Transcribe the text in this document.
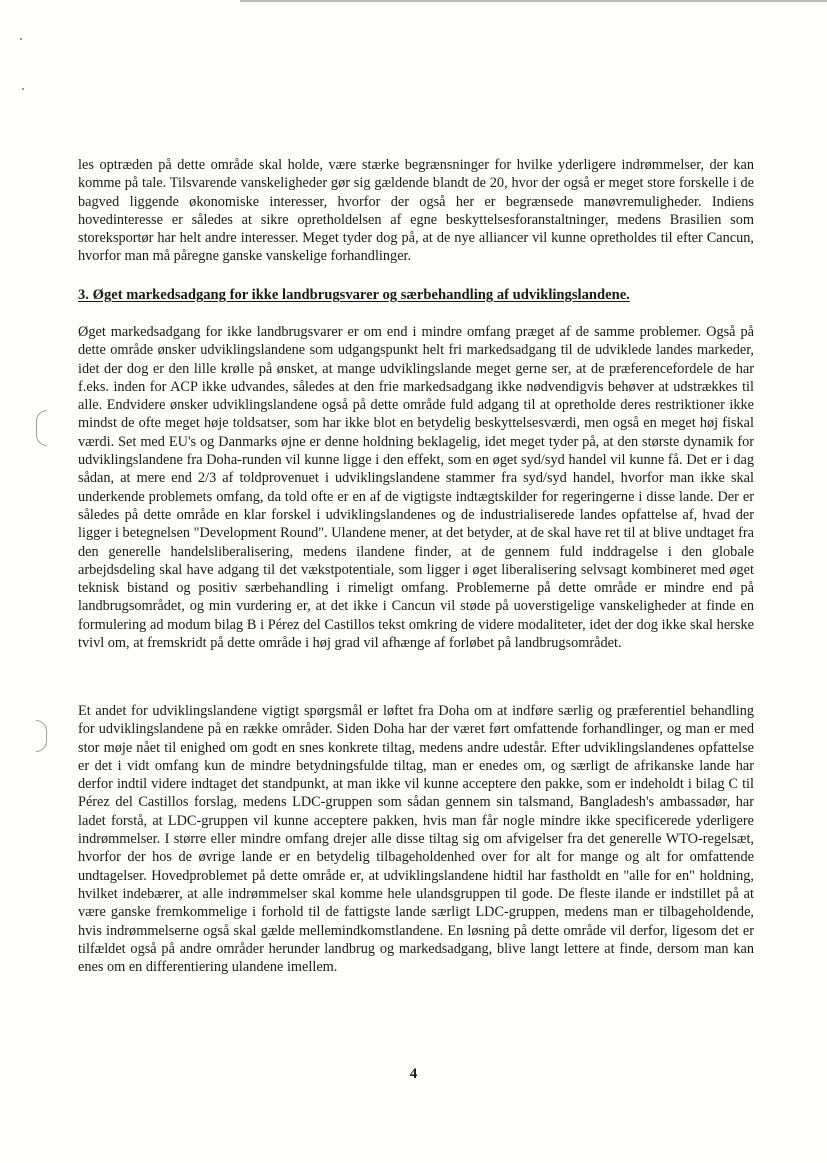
les optræden på dette område skal holde, være stærke begrænsninger for hvilke yderligere indrømmelser, der kan komme på tale. Tilsvarende vanskeligheder gør sig gældende blandt de 20, hvor der også er meget store forskelle i de bagved liggende økonomiske interesser, hvorfor der også her er begrænsede manøvremuligheder. Indiens hovedinteresse er således at sikre opretholdelsen af egne beskyttelsesforanstaltninger, medens Brasilien som storeksportør har helt andre interesser. Meget tyder dog på, at de nye alliancer vil kunne opretholdes til efter Cancun, hvorfor man må påregne ganske vanskelige forhandlinger.

3. Øget markedsadgang for ikke landbrugsvarer og særbehandling af udviklingslandene.

Øget markedsadgang for ikke landbrugsvarer er om end i mindre omfang præget af de samme problemer. Også på dette område ønsker udviklingslandene som udgangspunkt helt fri markedsadgang til de udviklede landes markeder, idet der dog er den lille krølle på ønsket, at mange udviklingslande meget gerne ser, at de præferencefordele de har f.eks. inden for ACP ikke udvandes, således at den frie markedsadgang ikke nødvendigvis behøver at udstrækkes til alle. Endvidere ønsker udviklingslandene også på dette område fuld adgang til at opretholde deres restriktioner ikke mindst de ofte meget høje toldsatser, som har ikke blot en betydelig beskyttelsesværdi, men også en meget høj fiskal værdi. Set med EU's og Danmarks øjne er denne holdning beklagelig, idet meget tyder på, at den største dynamik for udviklingslandene fra Doha-runden vil kunne ligge i den effekt, som en øget syd/syd handel vil kunne få. Det er i dag sådan, at mere end 2/3 af toldprovenuet i udviklingslandene stammer fra syd/syd handel, hvorfor man ikke skal underkende problemets omfang, da told ofte er en af de vigtigste indtægtskilder for regeringerne i disse lande. Der er således på dette område en klar forskel i udviklingslandenes og de industrialiserede landes opfattelse af, hvad der ligger i betegnelsen "Development Round". Ulandene mener, at det betyder, at de skal have ret til at blive undtaget fra den generelle handelsliberalisering, medens ilandene finder, at de gennem fuld inddragelse i den globale arbejdsdeling skal have adgang til det vækstpotentiale, som ligger i øget liberalisering selvsagt kombineret med øget teknisk bistand og positiv særbehandling i rimeligt omfang. Problemerne på dette område er mindre end på landbrugsområdet, og min vurdering er, at det ikke i Cancun vil støde på uoverstigelige vanskeligheder at finde en formulering ad modum bilag B i Pérez del Castillos tekst omkring de videre modaliteter, idet der dog ikke skal herske tvivl om, at fremskridt på dette område i høj grad vil afhænge af forløbet på landbrugsområdet.

Et andet for udviklingslandene vigtigt spørgsmål er løftet fra Doha om at indføre særlig og præferentiel behandling for udviklingslandene på en række områder. Siden Doha har der været ført omfattende forhandlinger, og man er med stor møje nået til enighed om godt en snes konkrete tiltag, medens andre udestår. Efter udviklingslandenes opfattelse er det i vidt omfang kun de mindre betydningsfulde tiltag, man er enedes om, og særligt de afrikanske lande har derfor indtil videre indtaget det standpunkt, at man ikke vil kunne acceptere den pakke, som er indeholdt i bilag C til Pérez del Castillos forslag, medens LDC-gruppen som sådan gennem sin talsmand, Bangladesh's ambassadør, har ladet forstå, at LDC-gruppen vil kunne acceptere pakken, hvis man får nogle mindre ikke specificerede yderligere indrømmelser. I større eller mindre omfang drejer alle disse tiltag sig om afvigelser fra det generelle WTO-regelsæt, hvorfor der hos de øvrige lande er en betydelig tilbageholdenhed over for alt for mange og alt for omfattende undtagelser. Hovedproblemet på dette område er, at udviklingslandene hidtil har fastholdt en "alle for en" holdning, hvilket indebærer, at alle indrømmelser skal komme hele ulandsgruppen til gode. De fleste ilande er indstillet på at være ganske fremkommelige i forhold til de fattigste lande særligt LDC-gruppen, medens man er tilbageholdende, hvis indrømmelserne også skal gælde mellemindkomstlandene. En løsning på dette område vil derfor, ligesom det er tilfældet også på andre områder herunder landbrug og markedsadgang, blive langt lettere at finde, dersom man kan enes om en differentiering ulandene imellem.

4
